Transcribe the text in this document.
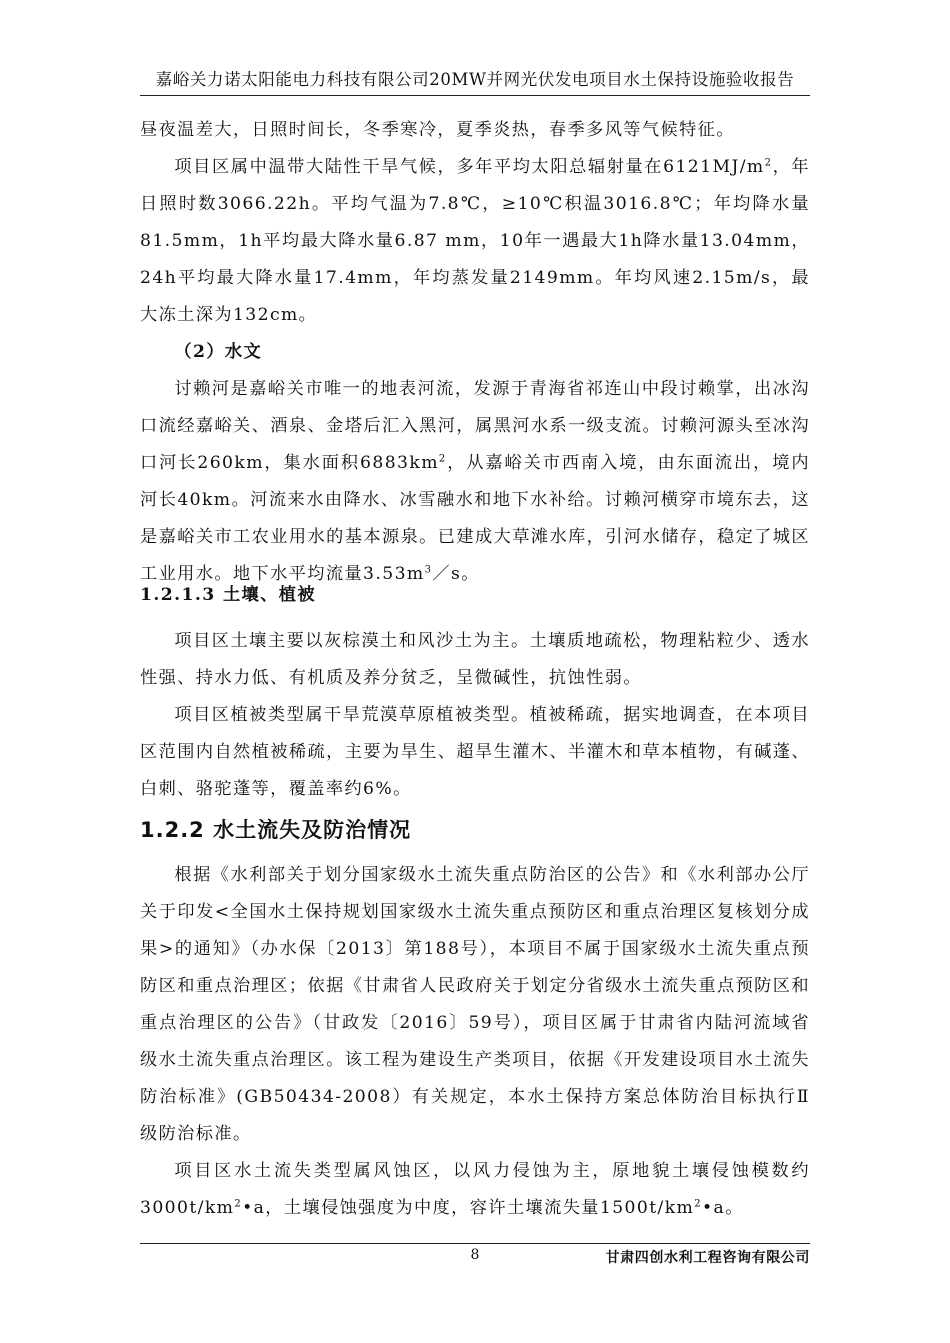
嘉峪关力诺太阳能电力科技有限公司20MW并网光伏发电项目水土保持设施验收报告

昼夜温差大，日照时间长，冬季寒冷，夏季炎热，春季多风等气候特征。

项目区属中温带大陆性干旱气候，多年平均太阳总辐射量在$6121MJ/m^2$，年日照时数3066.22h。平均气温为7.8℃，≥10℃积温3016.8℃；年均降水量81.5mm，1h平均最大降水量6.87 mm，10年一遇最大1h降水量13.04mm，24h平均最大降水量17.4mm，年均蒸发量2149mm。年均风速2.15m/s，最大冻土深为132cm。

（2）水文

讨赖河是嘉峪关市唯一的地表河流，发源于青海省祁连山中段讨赖掌，出冰沟口流经嘉峪关、酒泉、金塔后汇入黑河，属黑河水系一级支流。讨赖河源头至冰沟口河长260km，集水面积$6883km^2$，从嘉峪关市西南入境，由东面流出，境内河长40km。河流来水由降水、冰雪融水和地下水补给。讨赖河横穿市境东去，这是嘉峪关市工农业用水的基本源泉。已建成大草滩水库，引河水储存，稳定了城区工业用水。地下水平均流量$3.53m^3/s$。

1.2.1.3 土壤、植被

项目区土壤主要以灰棕漠土和风沙土为主。土壤质地疏松，物理粘粒少、透水性强、持水力低、有机质及养分贫乏，呈微碱性，抗蚀性弱。

项目区植被类型属干旱荒漠草原植被类型。植被稀疏，据实地调查，在本项目区范围内自然植被稀疏，主要为旱生、超旱生灌木、半灌木和草本植物，有碱蓬、白刺、骆驼蓬等，覆盖率约6%。

1.2.2 水土流失及防治情况

根据《水利部关于划分国家级水土流失重点防治区的公告》和《水利部办公厅关于印发<全国水土保持规划国家级水土流失重点预防区和重点治理区复核划分成果>的通知》（办水保〔2013〕第188号），本项目不属于国家级水土流失重点预防区和重点治理区；依据《甘肃省人民政府关于划定分省级水土流失重点预防区和重点治理区的公告》（甘政发〔2016〕59号），项目区属于甘肃省内陆河流域省级水土流失重点治理区。该工程为建设生产类项目，依据《开发建设项目水土流失防治标准》(GB50434-2008）有关规定，本水土保持方案总体防治目标执行Ⅱ级防治标准。

项目区水土流失类型属风蚀区，以风力侵蚀为主，原地貌土壤侵蚀模数约$3000t/km^2•a$，土壤侵蚀强度为中度，容许土壤流失量$1500t/km^2•a$。

8	甘肃四创水利工程咨询有限公司
